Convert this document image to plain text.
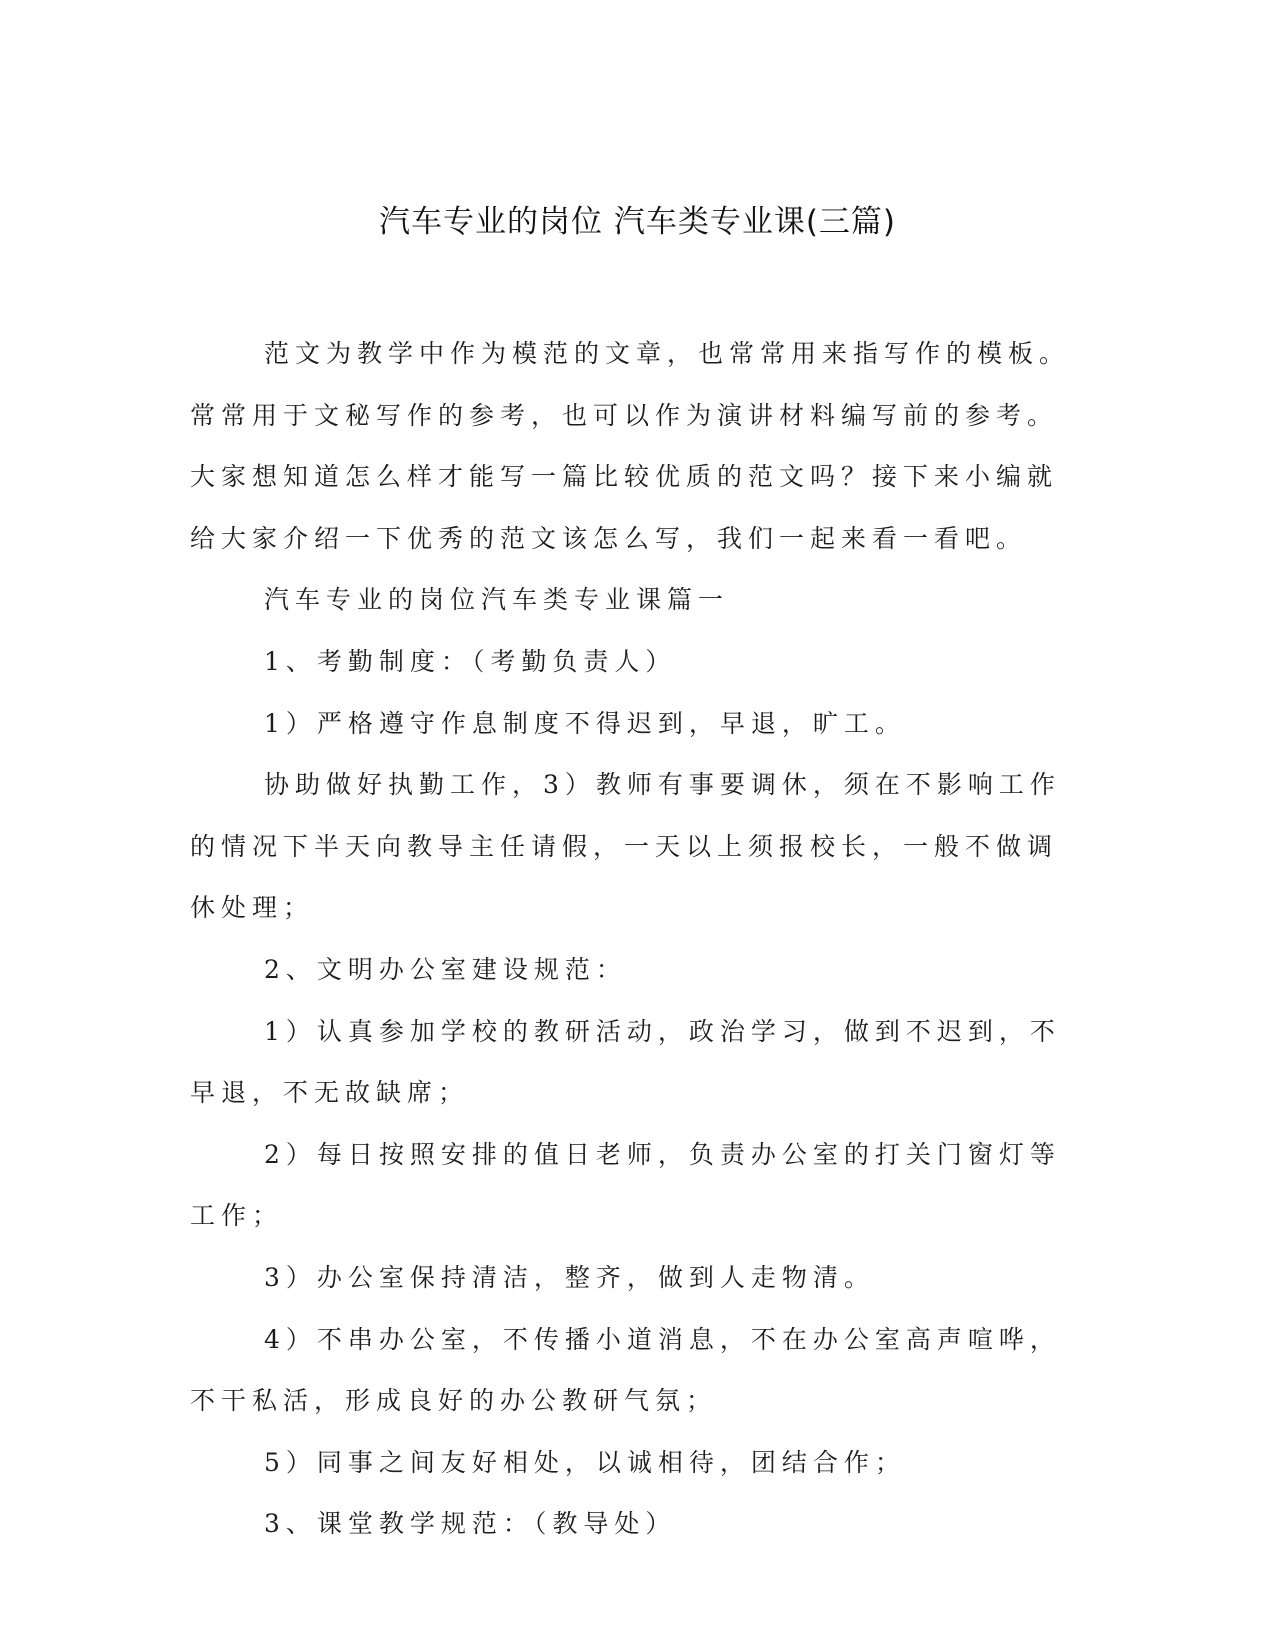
汽车专业的岗位 汽车类专业课(三篇)

范文为教学中作为模范的文章，也常常用来指写作的模板。常常用于文秘写作的参考，也可以作为演讲材料编写前的参考。大家想知道怎么样才能写一篇比较优质的范文吗？接下来小编就给大家介绍一下优秀的范文该怎么写，我们一起来看一看吧。

汽车专业的岗位汽车类专业课篇一

1、考勤制度：（考勤负责人）

1）严格遵守作息制度不得迟到，早退，旷工。

协助做好执勤工作，3）教师有事要调休，须在不影响工作的情况下半天向教导主任请假，一天以上须报校长，一般不做调休处理；

2、文明办公室建设规范：

1）认真参加学校的教研活动，政治学习，做到不迟到，不早退，不无故缺席；

2）每日按照安排的值日老师，负责办公室的打关门窗灯等工作；

3）办公室保持清洁，整齐，做到人走物清。

4）不串办公室，不传播小道消息，不在办公室高声喧哗，不干私活，形成良好的办公教研气氛；

5）同事之间友好相处，以诚相待，团结合作；

3、课堂教学规范：（教导处）
